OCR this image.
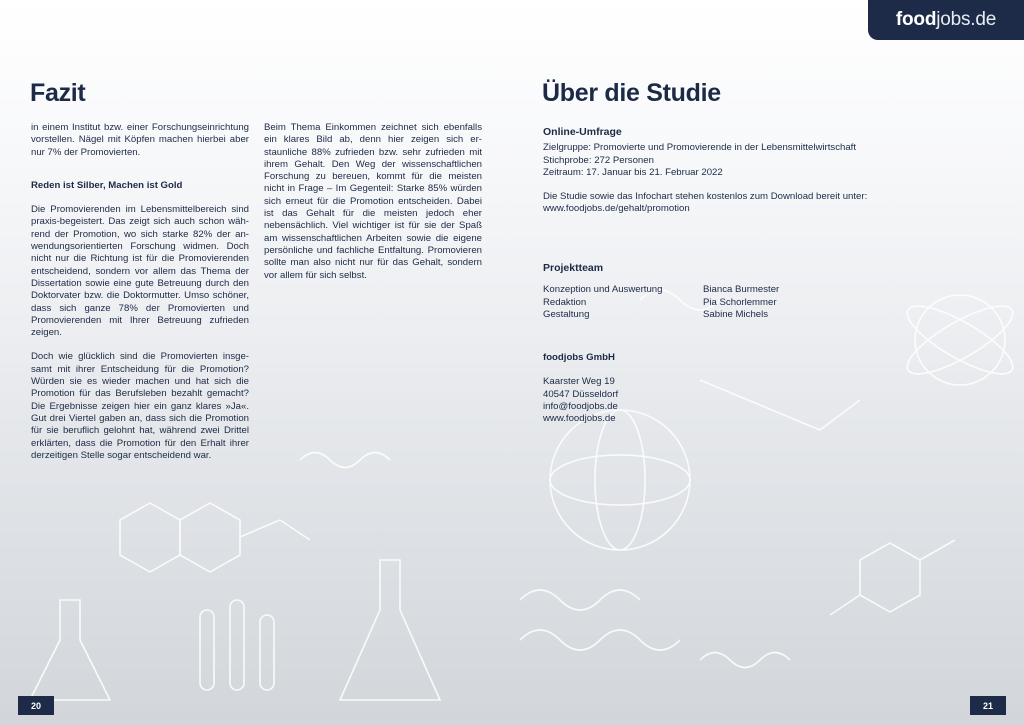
food jobs.de
Fazit

in einem Institut bzw. einer Forschungseinrichtung vorstellen. Nägel mit Köpfen machen hierbei aber nur 7% der Promovierten.

Reden ist Silber, Machen ist Gold

Die Promovierenden im Lebensmittelbereich sind praxis-begeistert. Das zeigt sich auch schon während der Promotion, wo sich starke 82% der anwendungsorientierten Forschung widmen. Doch nicht nur die Richtung ist für die Promovierenden entscheidend, sondern vor allem das Thema der Dissertation sowie eine gute Betreuung durch den Doktorvater bzw. die Doktormutter. Umso schöner, dass sich ganze 78% der Promovierten und Promovierenden mit Ihrer Betreuung zufrieden zeigen.

Doch wie glücklich sind die Promovierten insgesamt mit ihrer Entscheidung für die Promotion? Würden sie es wieder machen und hat sich die Promotion für das Berufsleben bezahlt gemacht? Die Ergebnisse zeigen hier ein ganz klares »Ja«. Gut drei Viertel gaben an, dass sich die Promotion für sie beruflich gelohnt hat, während zwei Drittel erklärten, dass die Promotion für den Erhalt ihrer derzeitigen Stelle sogar entscheidend war.

Beim Thema Einkommen zeichnet sich ebenfalls ein klares Bild ab, denn hier zeigen sich erstaunliche 88% zufrieden bzw. sehr zufrieden mit ihrem Gehalt. Den Weg der wissenschaftlichen Forschung zu bereuen, kommt für die meisten nicht in Frage – Im Gegenteil: Starke 85% würden sich erneut für die Promotion entscheiden. Dabei ist das Gehalt für die meisten jedoch eher nebensächlich. Viel wichtiger ist für sie der Spaß am wissenschaftlichen Arbeiten sowie die eigene persönliche und fachliche Entfaltung. Promovieren sollte man also nicht nur für das Gehalt, sondern vor allem für sich selbst.

20
Über die Studie
Online-Umfrage
Zielgruppe: Promovierte und Promovierende in der Lebensmittelwirtschaft
Stichprobe: 272 Personen
Zeitraum: 17. Januar bis 21. Februar 2022
Die Studie sowie das Infochart stehen kostenlos zum Download bereit unter:
www.foodjobs.de/gehalt/promotion
Projektteam
Konzeption und Auswertung	Bianca Burmester
Redaktion	Pia Schorlemmer
Gestaltung	Sabine Michels
foodjobs GmbH
Kaarster Weg 19
40547 Düsseldorf
info@foodjobs.de
www.foodjobs.de
21
